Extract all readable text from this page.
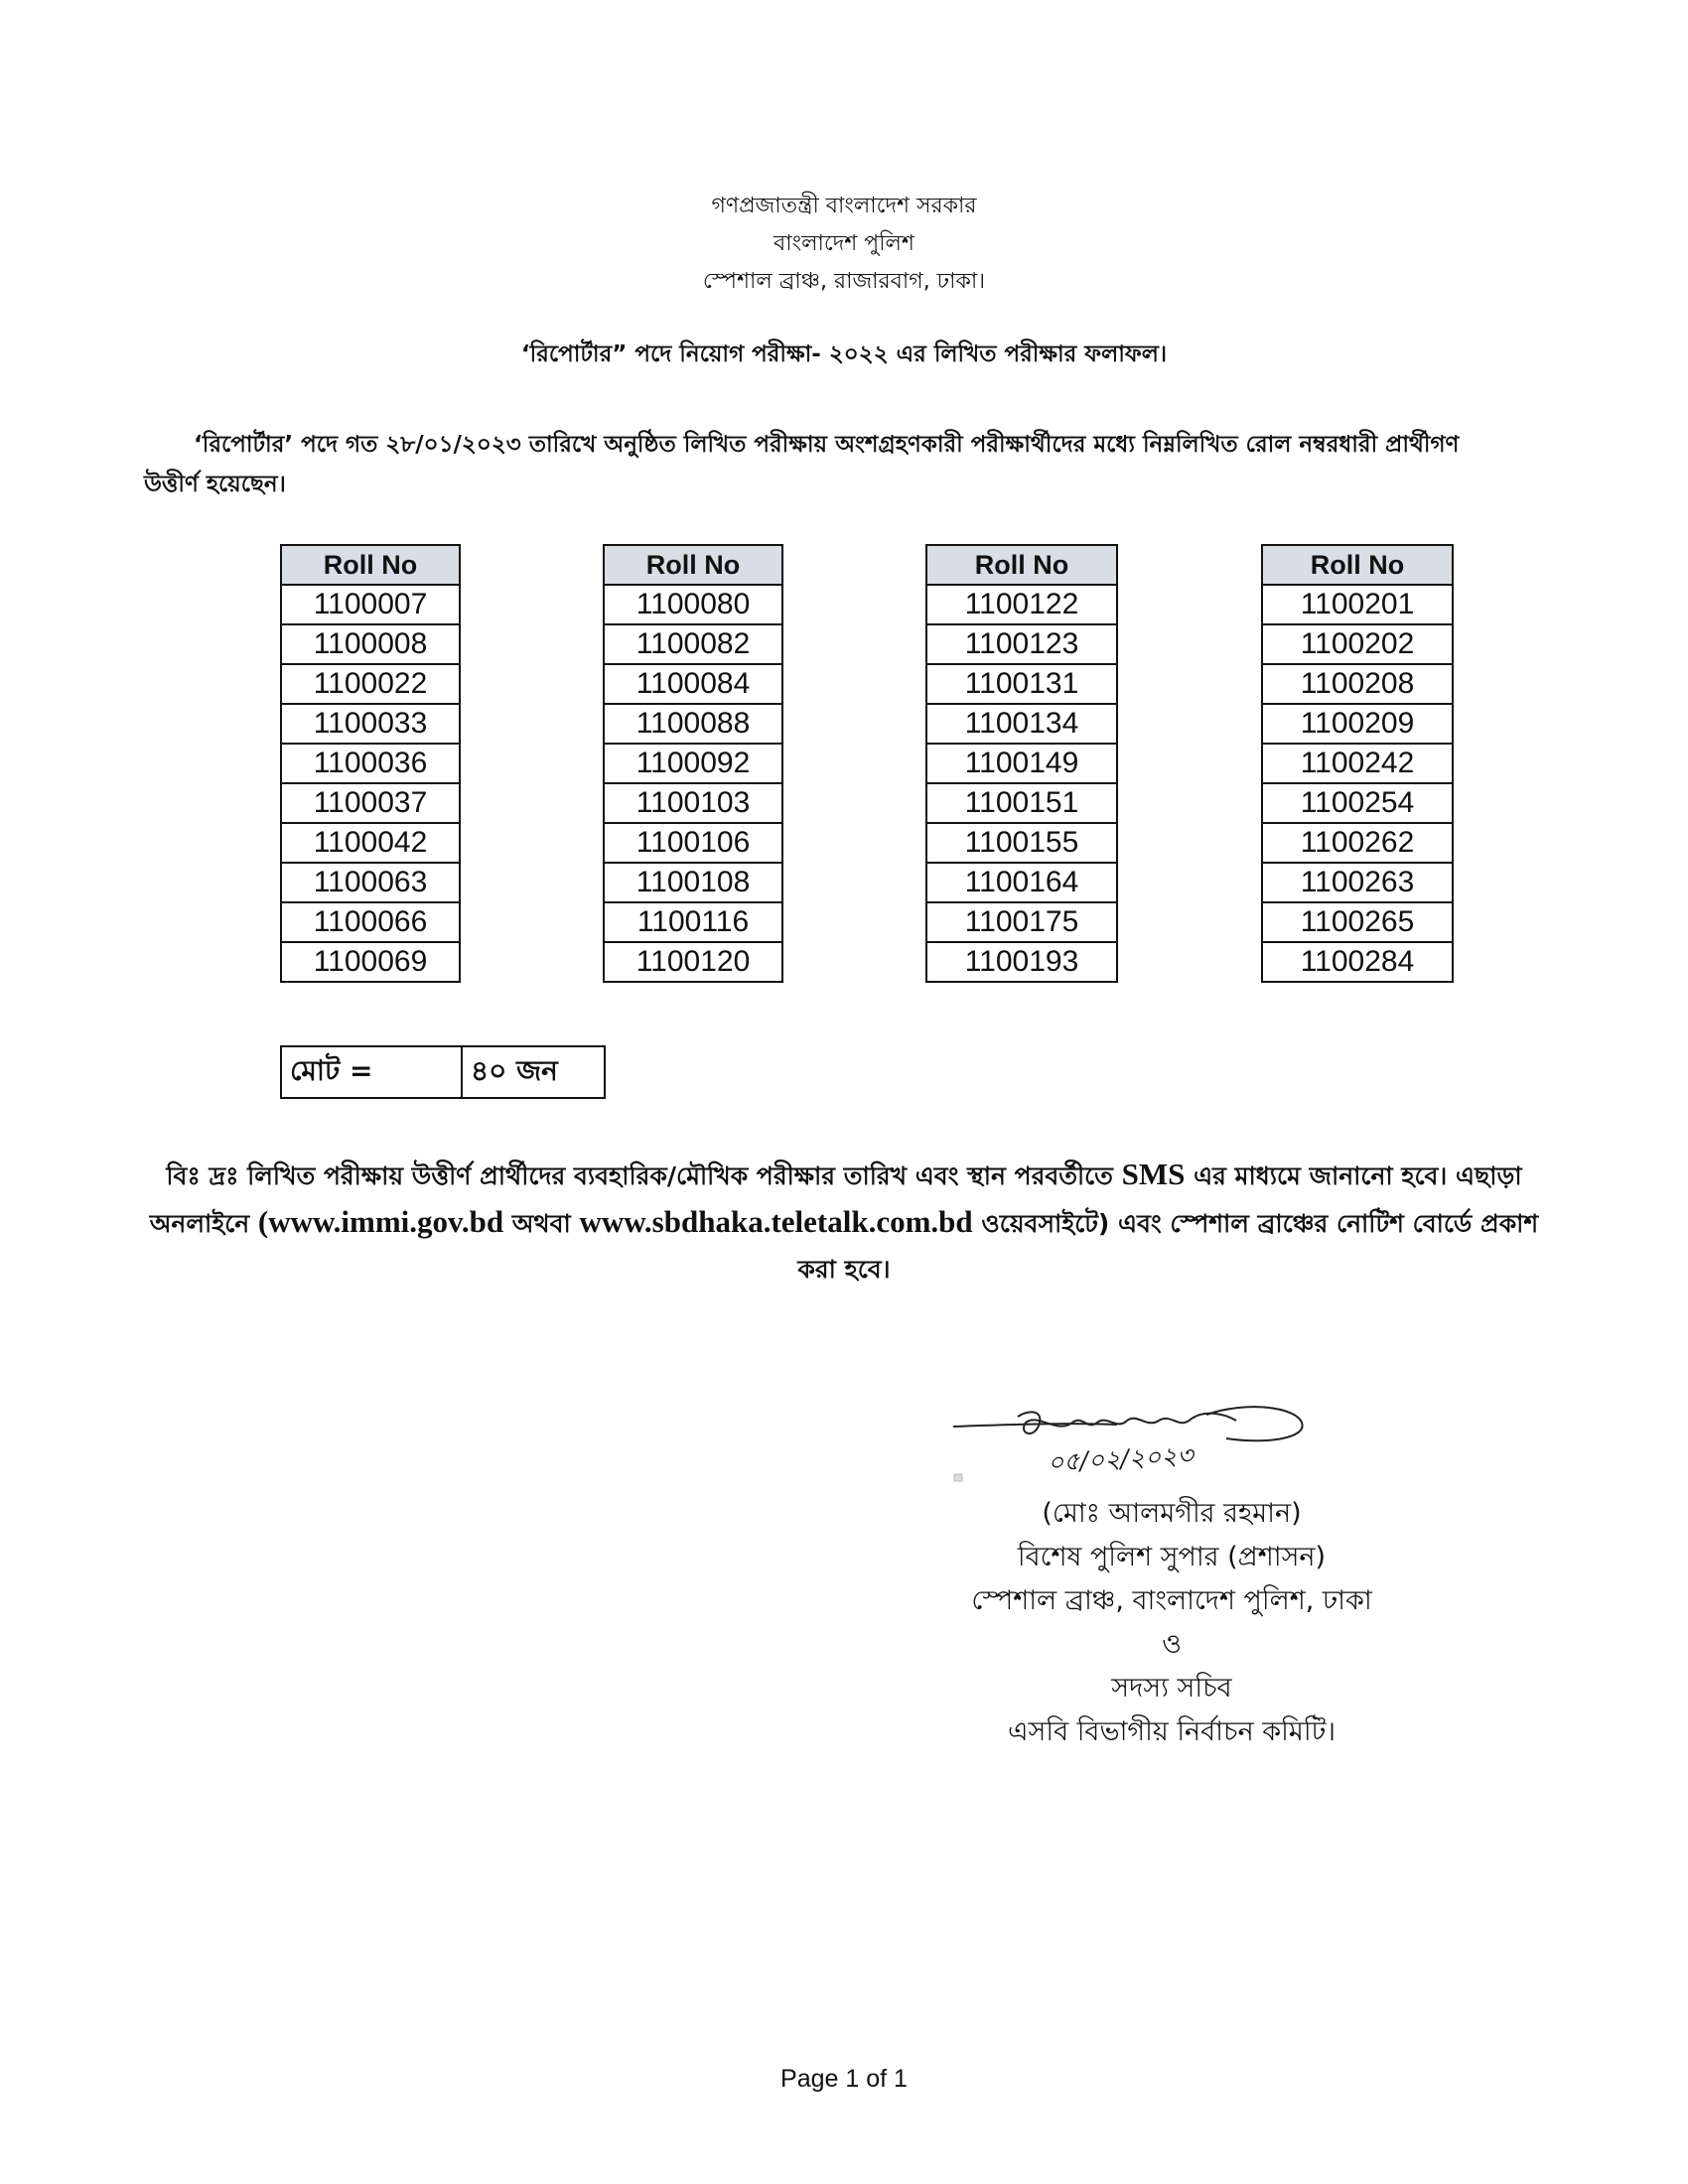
গণপ্রজাতন্ত্রী বাংলাদেশ সরকার
বাংলাদেশ পুলিশ
স্পেশাল ব্রাঞ্চ, রাজারবাগ, ঢাকা।
‘রিপোর্টার” পদে নিয়োগ পরীক্ষা- ২০২২ এর লিখিত পরীক্ষার ফলাফল।
‘রিপোর্টার’ পদে গত ২৮/০১/২০২৩ তারিখে অনুষ্ঠিত লিখিত পরীক্ষায় অংশগ্রহণকারী পরীক্ষার্থীদের মধ্যে নিম্নলিখিত রোল নম্বরধারী প্রার্থীগণ উত্তীর্ণ হয়েছেন।
Roll No
1100007
1100008
1100022
1100033
1100036
1100037
1100042
1100063
1100066
1100069
Roll No
1100080
1100082
1100084
1100088
1100092
1100103
1100106
1100108
1100116
1100120
Roll No
1100122
1100123
1100131
1100134
1100149
1100151
1100155
1100164
1100175
1100193
Roll No
1100201
1100202
1100208
1100209
1100242
1100254
1100262
1100263
1100265
1100284
মোট =	৪০ জন
বিঃ দ্রঃ লিখিত পরীক্ষায় উত্তীর্ণ প্রার্থীদের ব্যবহারিক/মৌখিক পরীক্ষার তারিখ এবং স্থান পরবর্তীতে SMS এর মাধ্যমে জানানো হবে। এছাড়া অনলাইনে (www.immi.gov.bd অথবা www.sbdhaka.teletalk.com.bd ওয়েবসাইটে) এবং স্পেশাল ব্রাঞ্চের নোটিশ বোর্ডে প্রকাশ করা হবে।
০৫/০২/২০২৩
(মোঃ আলমগীর রহমান)
বিশেষ পুলিশ সুপার (প্রশাসন)
স্পেশাল ব্রাঞ্চ, বাংলাদেশ পুলিশ, ঢাকা
ও
সদস্য সচিব
এসবি বিভাগীয় নির্বাচন কমিটি।
Page 1 of 1
